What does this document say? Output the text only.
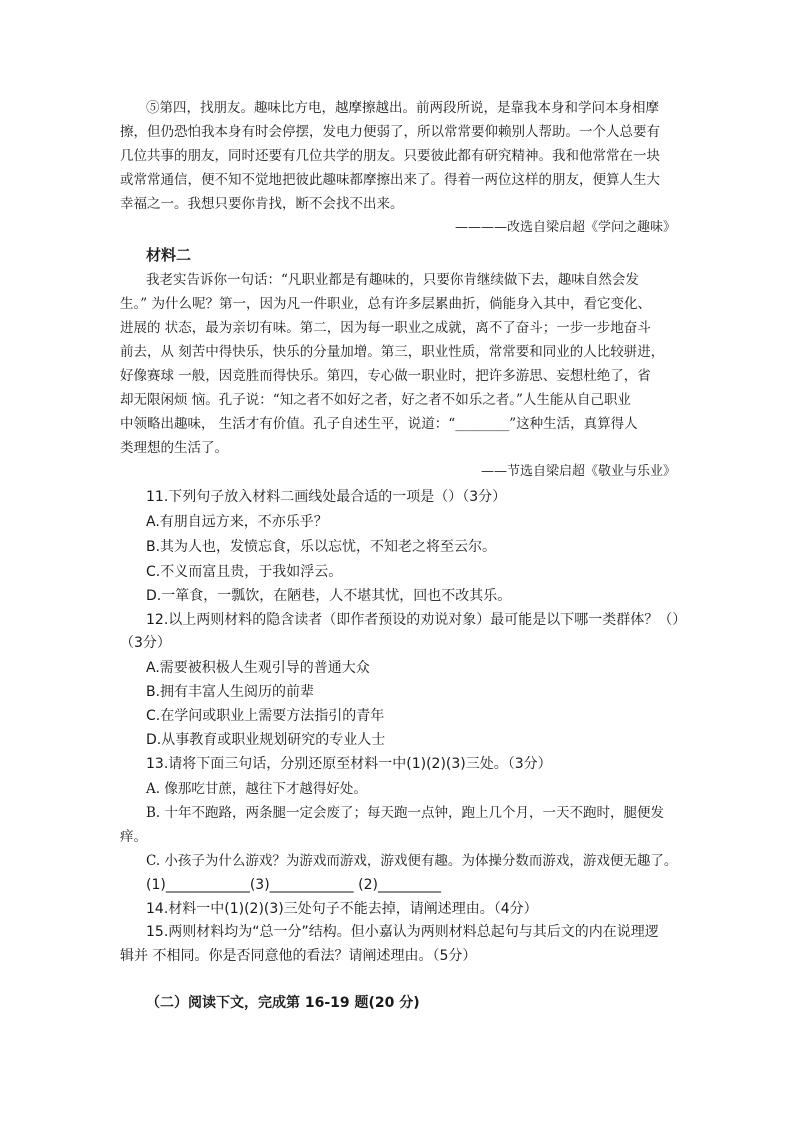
⑤第四，找朋友。趣味比方电，越摩擦越出。前两段所说，是靠我本身和学问本身相摩
擦，但仍恐怕我本身有时会停摆，发电力便弱了，所以常常要仰赖别人帮助。一个人总要有
几位共事的朋友，同时还要有几位共学的朋友。只要彼此都有研究精神。我和他常常在一块
或常常通信，便不知不觉地把彼此趣味都摩擦出来了。得着一两位这样的朋友，便算人生大
幸福之一。我想只要你肯找，断不会找不出来。
————改选自梁启超《学问之趣味》
材料二
我老实告诉你一句话：“凡职业都是有趣味的，只要你肯继续做下去，趣味自然会发
生。” 为什么呢？第一，因为凡一件职业，总有许多层累曲折，倘能身入其中，看它变化、
进展的 状态，最为亲切有味。第二，因为每一职业之成就，离不了奋斗；一步一步地奋斗
前去，从 刻苦中得快乐，快乐的分量加增。第三，职业性质，常常要和同业的人比较骈进，
好像赛球 一般，因竞胜而得快乐。第四，专心做一职业时，把许多游思、妄想杜绝了，省
却无限闲烦 恼。孔子说：“知之者不如好之者，好之者不如乐之者。”人生能从自己职业
中领略出趣味， 生活才有价值。孔子自述生平，说道：“________”这种生活，真算得人
类理想的生活了。
——节选自梁启超《敬业与乐业》
11.下列句子放入材料二画线处最合适的一项是（）（3分）
A.有朋自远方来，不亦乐乎？
B.其为人也，发愤忘食，乐以忘忧，不知老之将至云尔。
C.不义而富且贵，于我如浮云。
D.一箪食，一瓢饮，在陋巷，人不堪其忧，回也不改其乐。
12.以上两则材料的隐含读者（即作者预设的劝说对象）最可能是以下哪一类群体？（）
（3分）
A.需要被积极人生观引导的普通大众
B.拥有丰富人生阅历的前辈
C.在学问或职业上需要方法指引的青年
D.从事教育或职业规划研究的专业人士
13.请将下面三句话，分别还原至材料一中(1)(2)(3)三处。（3分）
A. 像那吃甘蔗，越往下才越得好处。
B. 十年不跑路，两条腿一定会废了；每天跑一点钟，跑上几个月，一天不跑时，腿便发
痒。
C. 小孩子为什么游戏？为游戏而游戏，游戏便有趣。为体操分数而游戏，游戏便无趣了。
(1)____________(3)____________ (2)_________
14.材料一中(1)(2)(3)三处句子不能去掉，请阐述理由。（4分）
15.两则材料均为“总一分”结构。但小嘉认为两则材料总起句与其后文的内在说理逻
辑并 不相同。你是否同意他的看法？请阐述理由。（5分）
（二）阅读下文，完成第 16-19 题(20 分)
